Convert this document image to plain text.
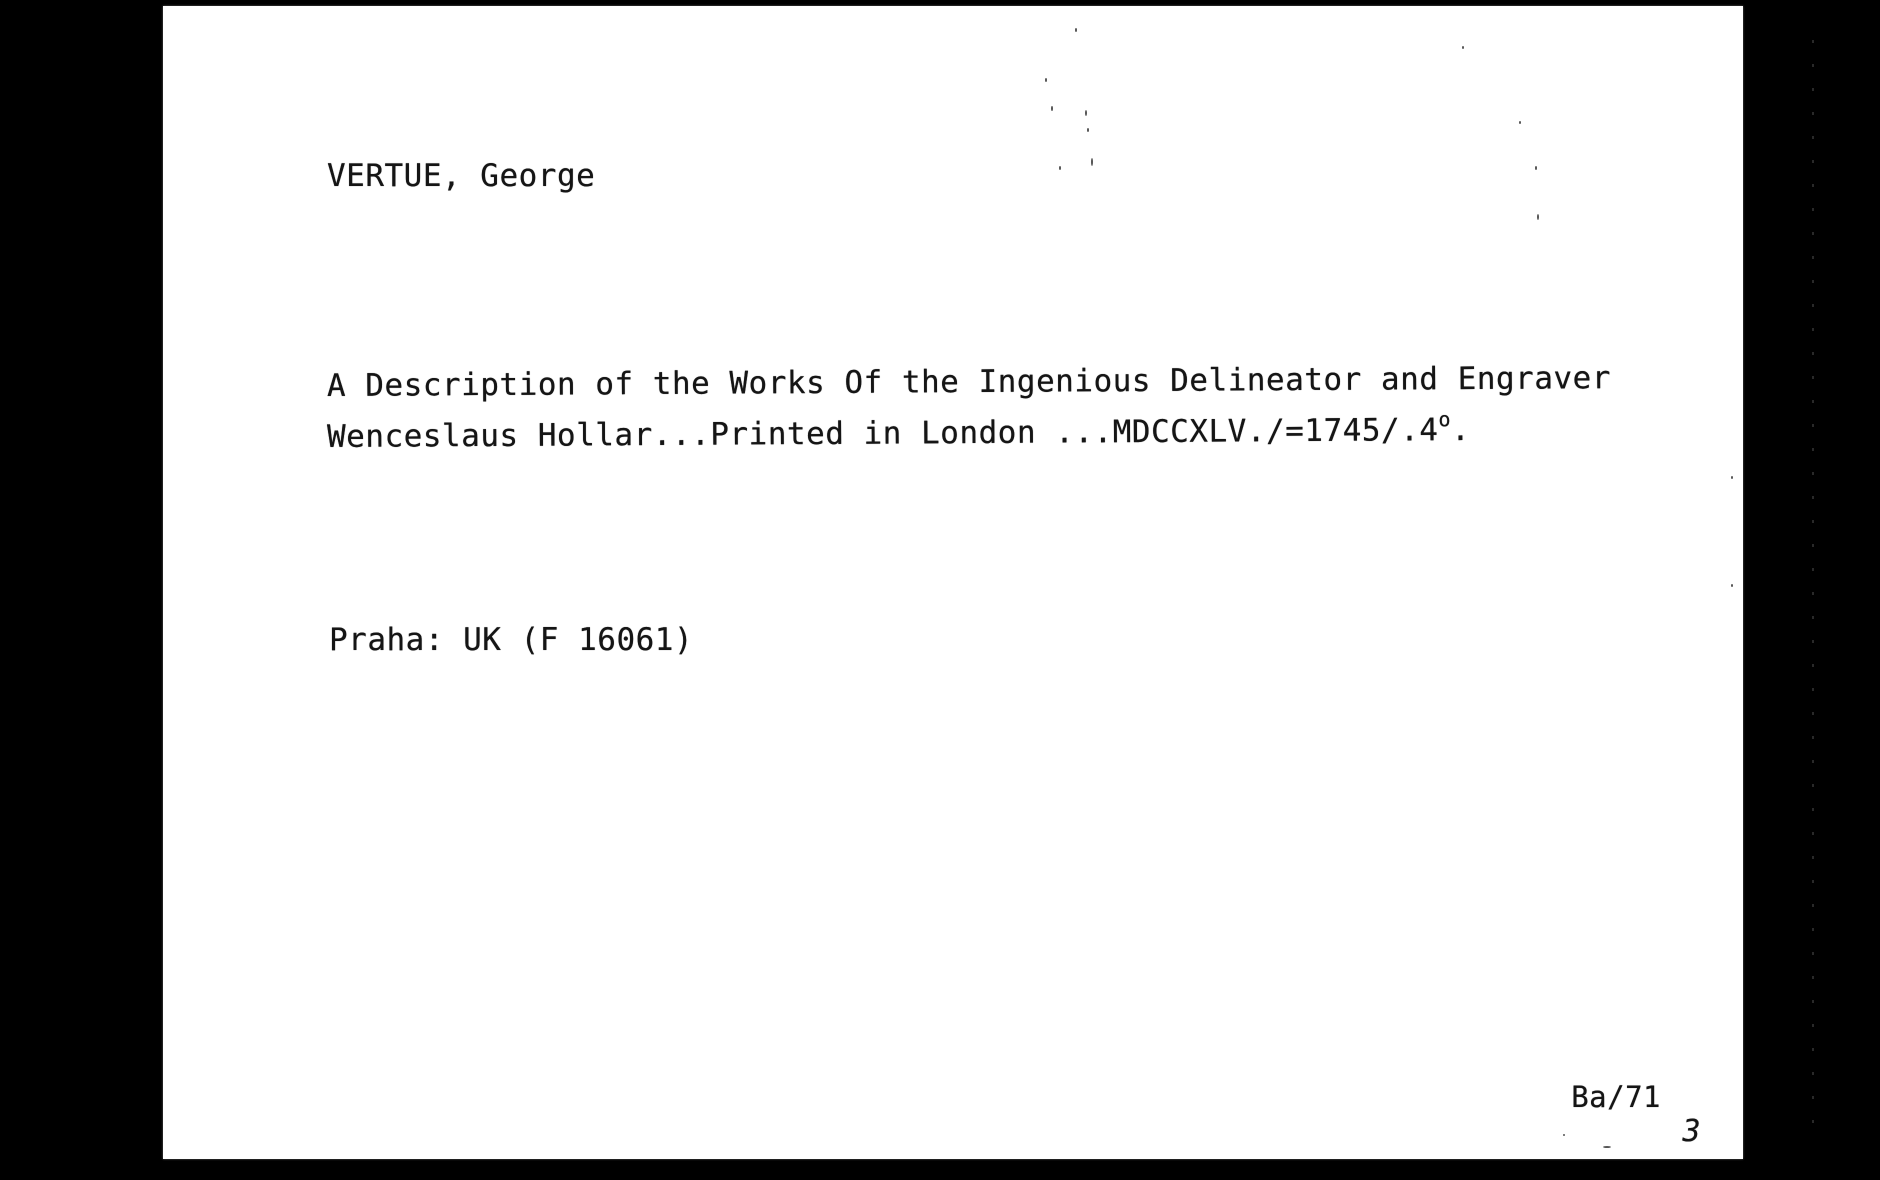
VERTUE, George
A Description of the Works Of the Ingenious Delineator and Engraver
Wenceslaus Hollar...Printed in London $...MDCCXLV./=1745/.4^o$.
Praha: UK (F 16061)
Ba/71
3
